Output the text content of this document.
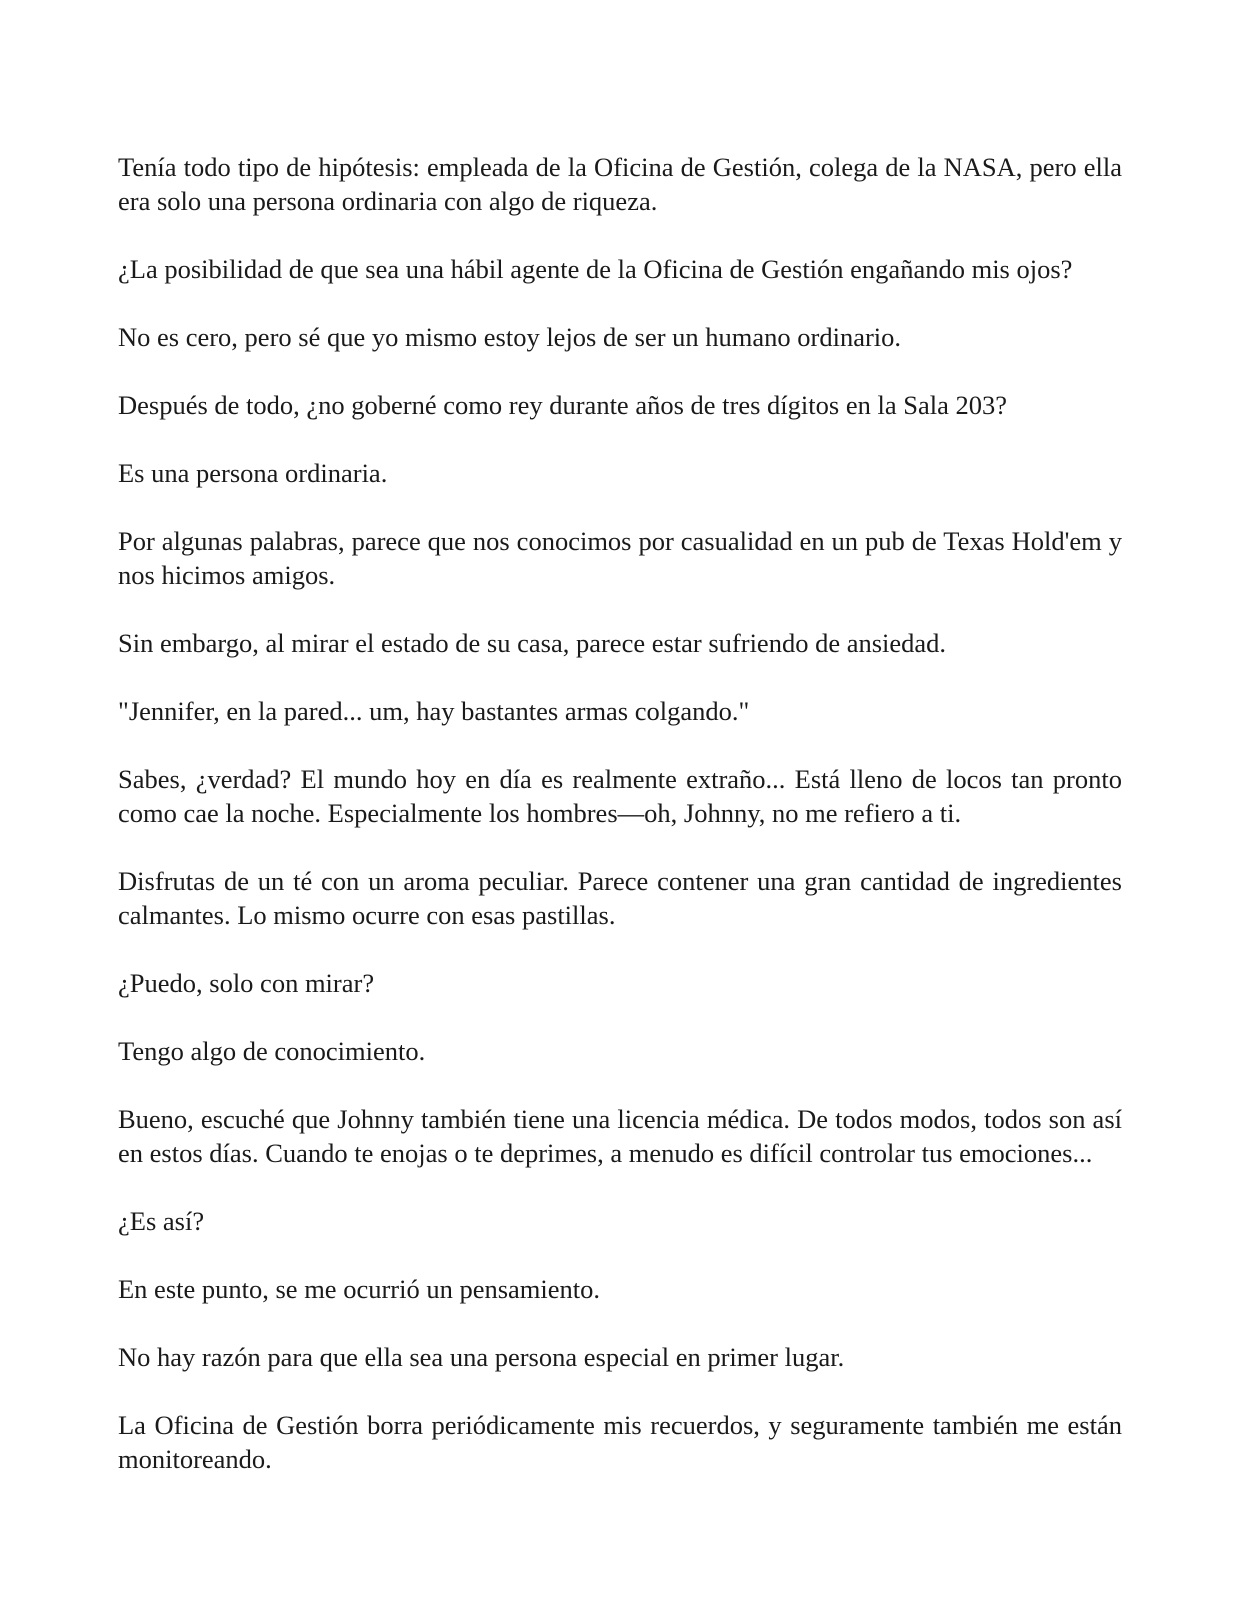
Tenía todo tipo de hipótesis: empleada de la Oficina de Gestión, colega de la NASA, pero ella era solo una persona ordinaria con algo de riqueza.

¿La posibilidad de que sea una hábil agente de la Oficina de Gestión engañando mis ojos?

No es cero, pero sé que yo mismo estoy lejos de ser un humano ordinario.

Después de todo, ¿no goberné como rey durante años de tres dígitos en la Sala 203?

Es una persona ordinaria.

Por algunas palabras, parece que nos conocimos por casualidad en un pub de Texas Hold'em y nos hicimos amigos.

Sin embargo, al mirar el estado de su casa, parece estar sufriendo de ansiedad.

"Jennifer, en la pared... um, hay bastantes armas colgando."

Sabes, ¿verdad? El mundo hoy en día es realmente extraño... Está lleno de locos tan pronto como cae la noche. Especialmente los hombres—oh, Johnny, no me refiero a ti.

Disfrutas de un té con un aroma peculiar. Parece contener una gran cantidad de ingredientes calmantes. Lo mismo ocurre con esas pastillas.

¿Puedo, solo con mirar?

Tengo algo de conocimiento.

Bueno, escuché que Johnny también tiene una licencia médica. De todos modos, todos son así en estos días. Cuando te enojas o te deprimes, a menudo es difícil controlar tus emociones...

¿Es así?

En este punto, se me ocurrió un pensamiento.

No hay razón para que ella sea una persona especial en primer lugar.

La Oficina de Gestión borra periódicamente mis recuerdos, y seguramente también me están monitoreando.
